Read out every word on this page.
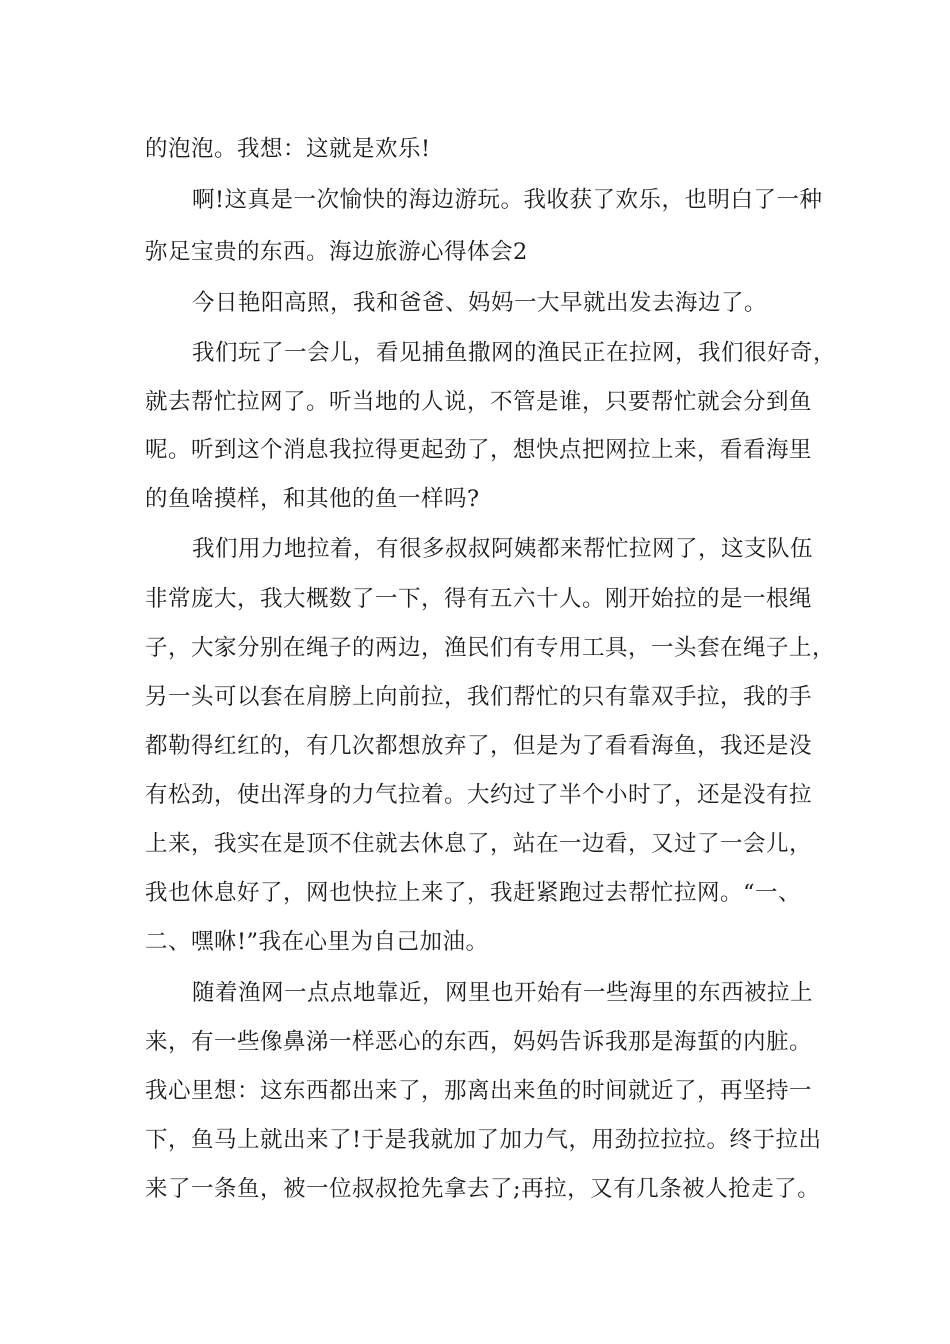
的泡泡。我想：这就是欢乐!
啊!这真是一次愉快的海边游玩。我收获了欢乐，也明白了一种
弥足宝贵的东西。海边旅游心得体会2
今日艳阳高照，我和爸爸、妈妈一大早就出发去海边了。
我们玩了一会儿，看见捕鱼撒网的渔民正在拉网，我们很好奇，
就去帮忙拉网了。听当地的人说，不管是谁，只要帮忙就会分到鱼
呢。听到这个消息我拉得更起劲了，想快点把网拉上来，看看海里
的鱼啥摸样，和其他的鱼一样吗?
我们用力地拉着，有很多叔叔阿姨都来帮忙拉网了，这支队伍
非常庞大，我大概数了一下，得有五六十人。刚开始拉的是一根绳
子，大家分别在绳子的两边，渔民们有专用工具，一头套在绳子上，
另一头可以套在肩膀上向前拉，我们帮忙的只有靠双手拉，我的手
都勒得红红的，有几次都想放弃了，但是为了看看海鱼，我还是没
有松劲，使出浑身的力气拉着。大约过了半个小时了，还是没有拉
上来，我实在是顶不住就去休息了，站在一边看，又过了一会儿，
我也休息好了，网也快拉上来了，我赶紧跑过去帮忙拉网。“一、
二、嘿咻!”我在心里为自己加油。
随着渔网一点点地靠近，网里也开始有一些海里的东西被拉上
来，有一些像鼻涕一样恶心的东西，妈妈告诉我那是海蜇的内脏。
我心里想：这东西都出来了，那离出来鱼的时间就近了，再坚持一
下，鱼马上就出来了!于是我就加了加力气，用劲拉拉拉。终于拉出
来了一条鱼，被一位叔叔抢先拿去了;再拉，又有几条被人抢走了。
